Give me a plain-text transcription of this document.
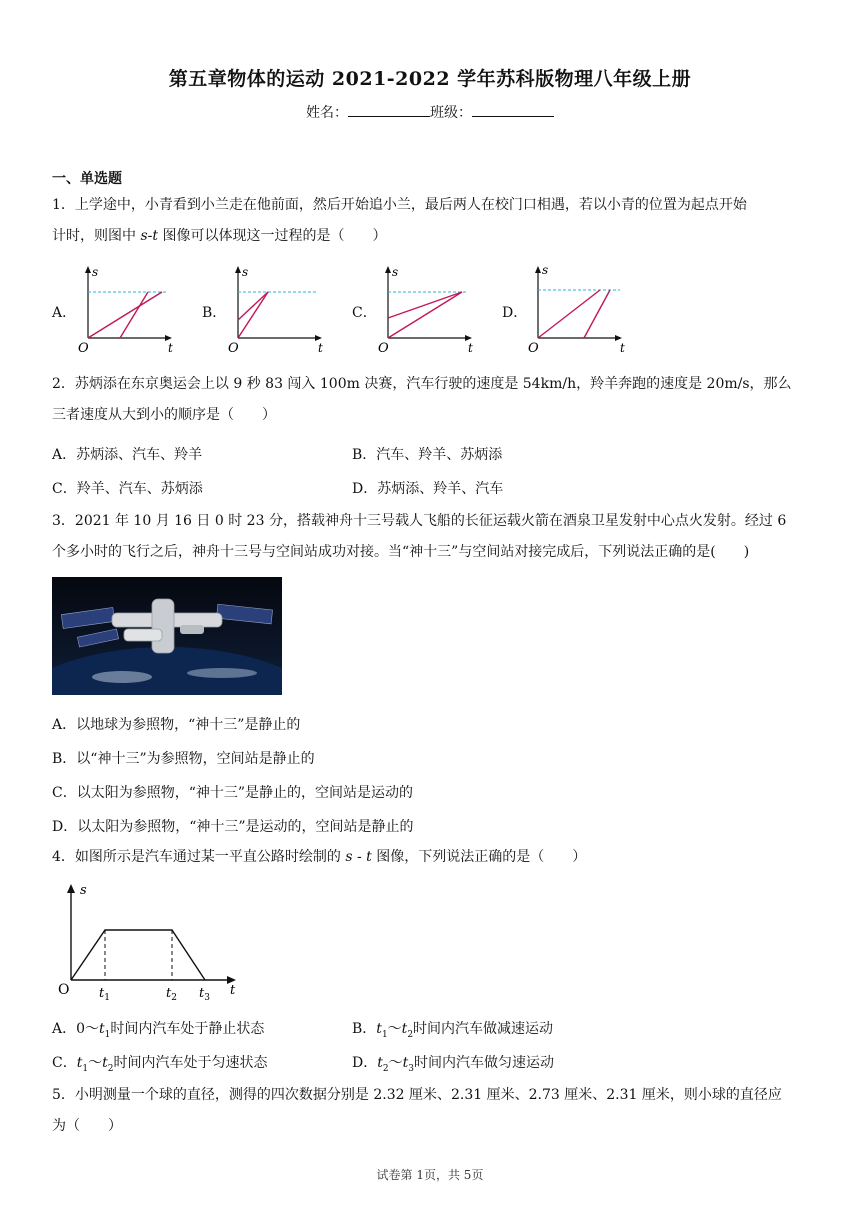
第五章物体的运动 2021-2022 学年苏科版物理八年级上册
姓名：	班级：
一、单选题
1．上学途中，小青看到小兰走在他前面，然后开始追小兰，最后两人在校门口相遇，若以小青的位置为起点开始
计时，则图中 s-t 图像可以体现这一过程的是（　　）
A．	B．	C．	D．
s
O	t
s
O	t
s
O	t
s
O	t
2．苏炳添在东京奥运会上以 9 秒 83 闯入 100m 决赛，汽车行驶的速度是 54km/h，羚羊奔跑的速度是 20m/s，那么
三者速度从大到小的顺序是（　　）
A．苏炳添、汽车、羚羊	B．汽车、羚羊、苏炳添
C．羚羊、汽车、苏炳添	D．苏炳添、羚羊、汽车
3．2021 年 10 月 16 日 0 时 23 分，搭载神舟十三号载人飞船的长征运载火箭在酒泉卫星发射中心点火发射。经过 6
个多小时的飞行之后，神舟十三号与空间站成功对接。当“神十三”与空间站对接完成后，下列说法正确的是(　　)
A．以地球为参照物，“神十三”是静止的
B．以“神十三”为参照物，空间站是静止的
C．以太阳为参照物，“神十三”是静止的，空间站是运动的
D．以太阳为参照物，“神十三”是运动的，空间站是静止的
4．如图所示是汽车通过某一平直公路时绘制的 s - t 图像，下列说法正确的是（　　）
s
O	t
$t_1$	$t_2$ $t_3$
A．$0\sim t_1$时间内汽车处于静止状态	B．$t_1\sim t_2$时间内汽车做减速运动
C．$t_1\sim t_2$时间内汽车处于匀速状态	D．$t_2\sim t_3$时间内汽车做匀速运动
5．小明测量一个球的直径，测得的四次数据分别是 2.32 厘米、2.31 厘米、2.73 厘米、2.31 厘米，则小球的直径应
为（　　）
试卷第 1页，共 5页
